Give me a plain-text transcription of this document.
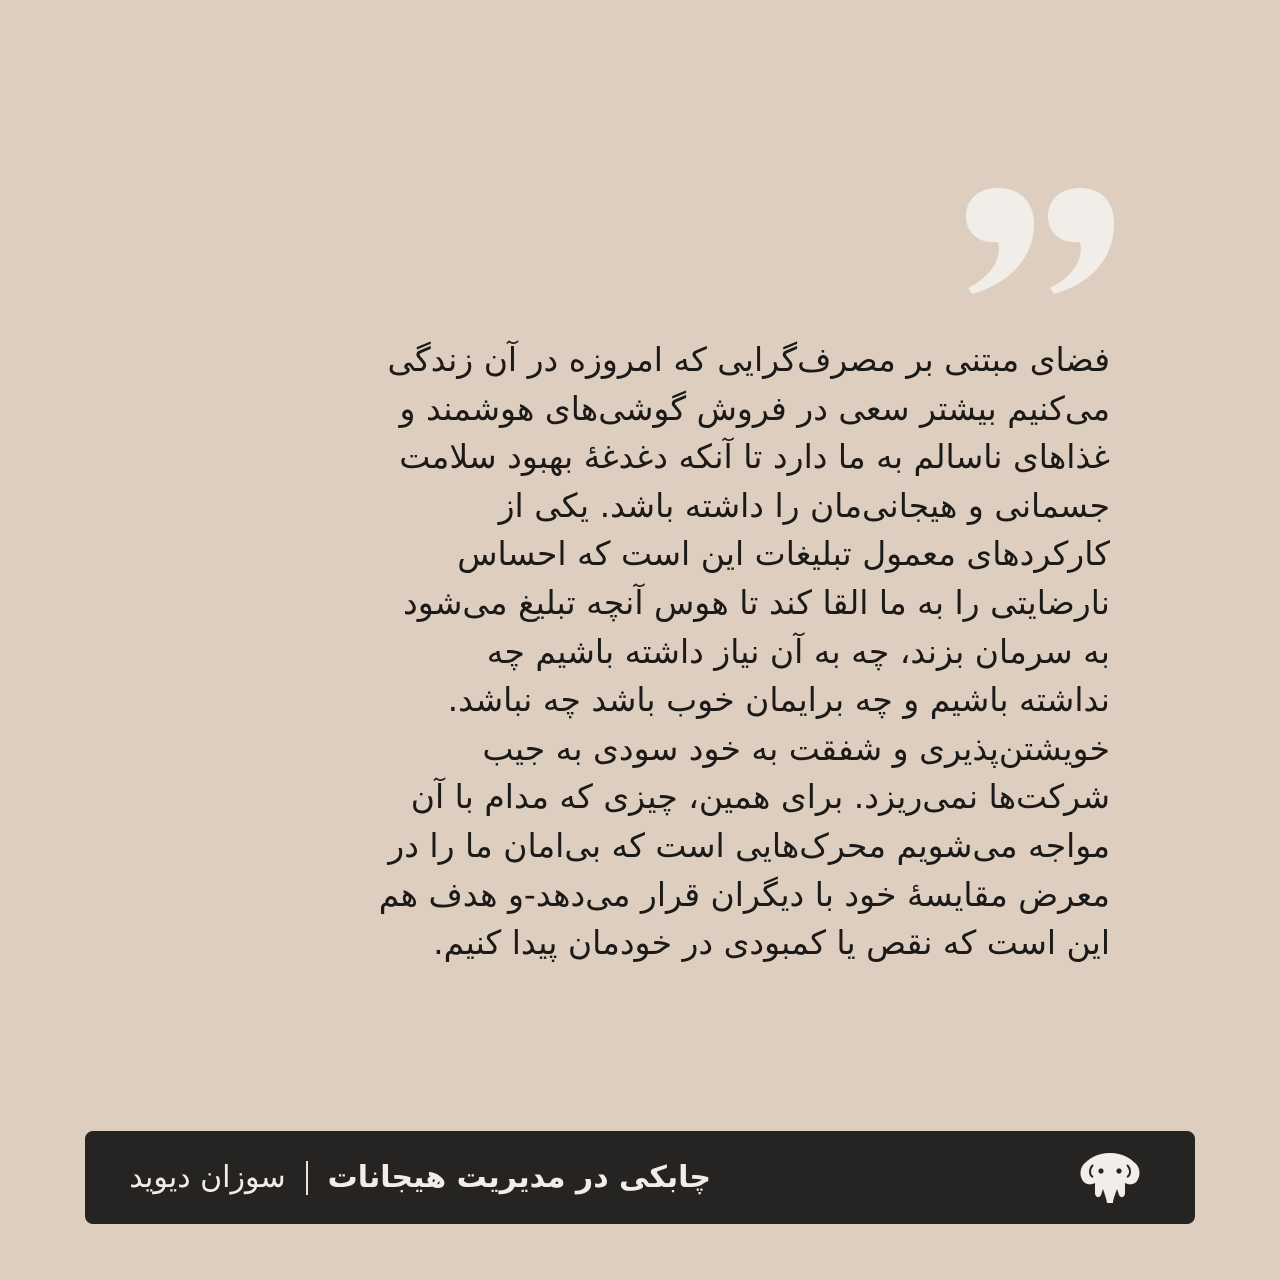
فضای مبتنی بر مصرف‌گرایی که امروزه در آن زندگی
می‌کنیم بیشتر سعی در فروش گوشی‌های هوشمند و
غذاهای ناسالم به ما دارد تا آنکه دغدغهٔ بهبود سلامت
جسمانی و هیجانی‌مان را داشته باشد. یکی از
کارکردهای معمول تبلیغات این است که احساس
نارضایتی را به ما القا کند تا هوس آنچه تبلیغ می‌شود
به سرمان بزند، چه به آن نیاز داشته باشیم چه
نداشته باشیم و چه برایمان خوب باشد چه نباشد.
خویشتن‌پذیری و شفقت به خود سودی به جیب
شرکت‌ها نمی‌ریزد. برای همین، چیزی که مدام با آن
مواجه می‌شویم محرک‌هایی است که بی‌امان ما را در
معرض مقایسهٔ خود با دیگران قرار می‌دهد-و هدف هم
این است که نقص یا کمبودی در خودمان پیدا کنیم.
چابکی در مدیریت هیجانات
سوزان دیوید
